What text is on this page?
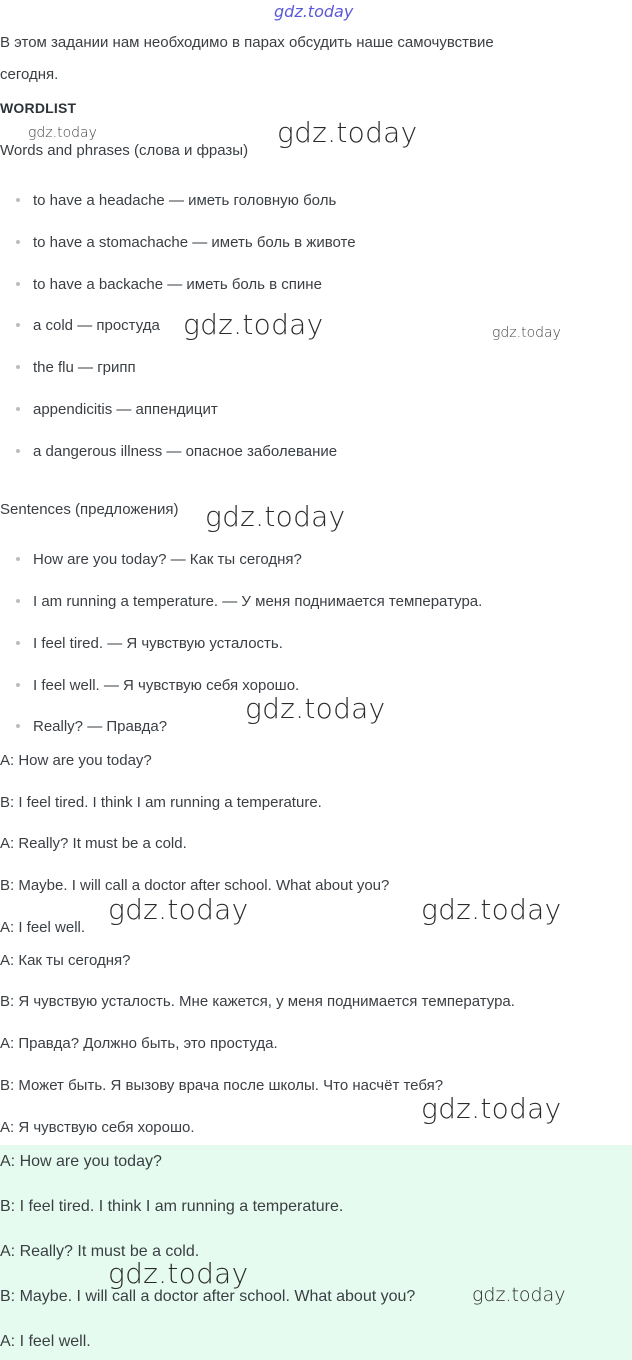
gdz.today
gdz.today	gdz.today
gdz.today	gdz.today
gdz.today
gdz.today
gdz.today	gdz.today
gdz.today

В этом задании нам необходимо в парах обсудить наше самочувствие

сегодня.

WORDLIST

Words and phrases (слова и фразы)

to have a headache — иметь головную боль
to have a stomachache — иметь боль в животе
to have a backache — иметь боль в спине
a cold — простуда
the flu — грипп
appendicitis — аппендицит
a dangerous illness — опасное заболевание

Sentences (предложения)

How are you today? — Как ты сегодня?
I am running a temperature. — У меня поднимается температура.
I feel tired. — Я чувствую усталость.
I feel well. — Я чувствую себя хорошо.
Really? — Правда?

A: How are you today?

B: I feel tired. I think I am running a temperature.

A: Really? It must be a cold.

B: Maybe. I will call a doctor after school. What about you?

A: I feel well.

A: Как ты сегодня?

B: Я чувствую усталость. Мне кажется, у меня поднимается температура.

A: Правда? Должно быть, это простуда.

B: Может быть. Я вызову врача после школы. Что насчёт тебя?

A: Я чувствую себя хорошо.

A: How are you today?

B: I feel tired. I think I am running a temperature.

A: Really? It must be a cold.

B: Maybe. I will call a doctor after school. What about you?

A: I feel well.

gdz.today
gdz.today
